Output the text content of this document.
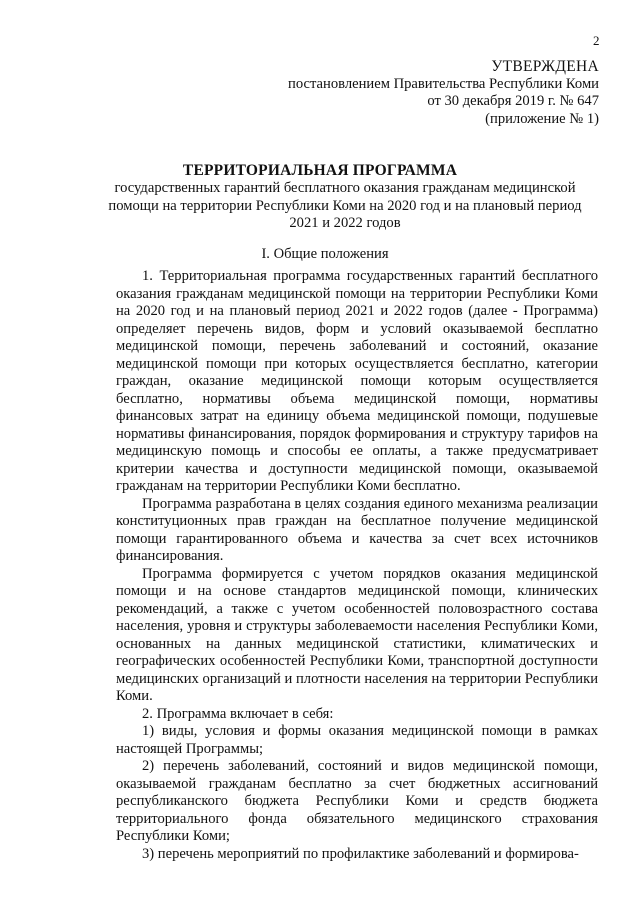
2
УТВЕРЖДЕНА
постановлением Правительства Республики Коми
от 30 декабря 2019 г. № 647
(приложение № 1)
ТЕРРИТОРИАЛЬНАЯ ПРОГРАММА
государственных гарантий бесплатного оказания гражданам медицинской помощи на территории Республики Коми на 2020 год и на плановый период 2021 и 2022 годов
I. Общие положения

1. Территориальная программа государственных гарантий бесплатного оказания гражданам медицинской помощи на территории Республики Коми на 2020 год и на плановый период 2021 и 2022 годов (далее - Программа) определяет перечень видов, форм и условий оказываемой бесплатно медицинской помощи, перечень заболеваний и состояний, оказание медицинской помощи при которых осуществляется бесплатно, категории граждан, оказание медицинской помощи которым осуществляется бесплатно, нормативы объема медицинской помощи, нормативы финансовых затрат на единицу объема медицинской помощи, подушевые нормативы финансирования, порядок формирования и структуру тарифов на медицинскую помощь и способы ее оплаты, а также предусматривает критерии качества и доступности медицинской помощи, оказываемой гражданам на территории Республики Коми бесплатно.

Программа разработана в целях создания единого механизма реализации конституционных прав граждан на бесплатное получение медицинской помощи гарантированного объема и качества за счет всех источников финансирования.

Программа формируется с учетом порядков оказания медицинской помощи и на основе стандартов медицинской помощи, клинических рекомендаций, а также с учетом особенностей половозрастного состава населения, уровня и структуры заболеваемости населения Республики Коми, основанных на данных медицинской статистики, климатических и географических особенностей Республики Коми, транспортной доступности медицинских организаций и плотности населения на территории Республики Коми.

2. Программа включает в себя:

1) виды, условия и формы оказания медицинской помощи в рамках настоящей Программы;

2) перечень заболеваний, состояний и видов медицинской помощи, оказываемой гражданам бесплатно за счет бюджетных ассигнований республиканского бюджета Республики Коми и средств бюджета территориального фонда обязательного медицинского страхования Республики Коми;

3) перечень мероприятий по профилактике заболеваний и формирова-
